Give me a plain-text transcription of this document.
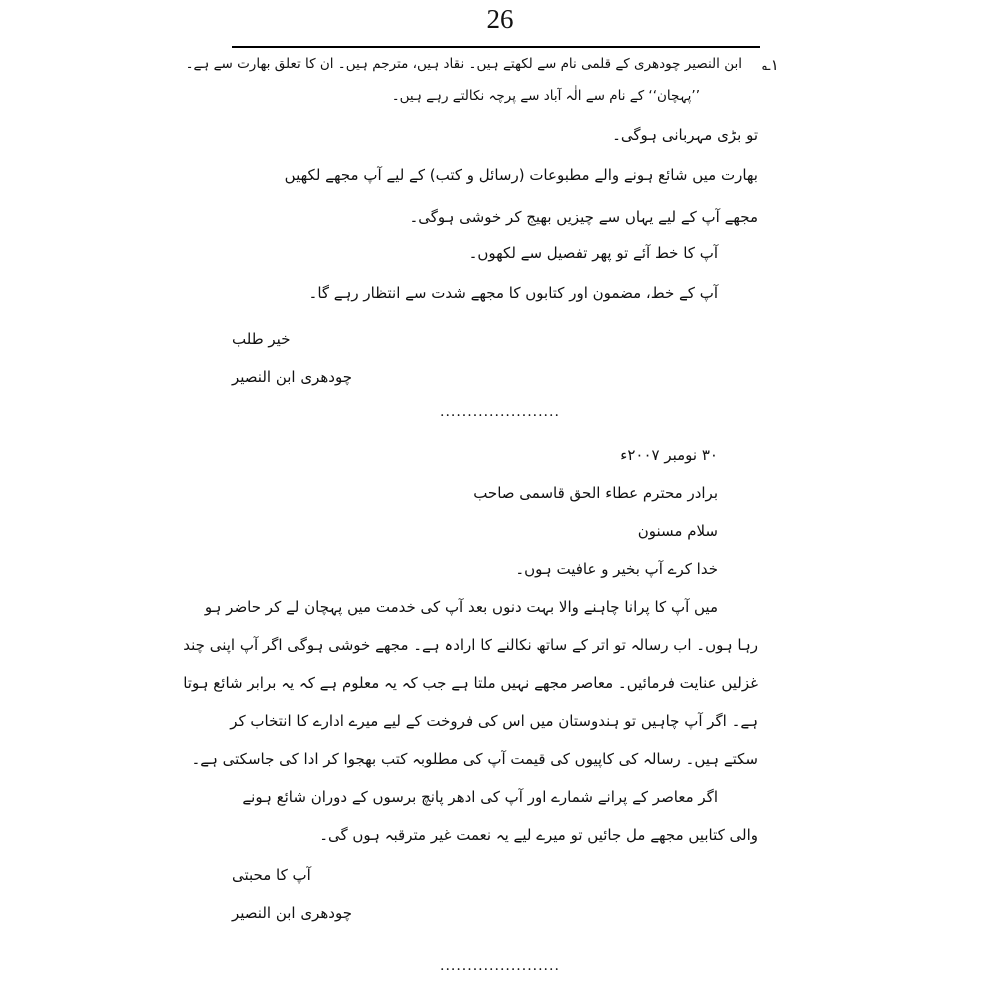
26
۱؎
ابن النصیر چودھری کے قلمی نام سے لکھتے ہیں۔ نقاد ہیں، مترجم ہیں۔ ان کا تعلق بھارت سے ہے۔
’’پہچان‘‘ کے نام سے الٰہ آباد سے پرچہ نکالتے رہے ہیں۔
تو بڑی مہربانی ہوگی۔
بھارت میں شائع ہونے والے مطبوعات (رسائل و کتب) کے لیے آپ مجھے لکھیں
مجھے آپ کے لیے یہاں سے چیزیں بھیج کر خوشی ہوگی۔
آپ کا خط آئے تو پھر تفصیل سے لکھوں۔
آپ کے خط، مضمون اور کتابوں کا مجھے شدت سے انتظار رہے گا۔
خیر طلب
چودھری ابن النصیر
......................
۳۰ نومبر ۲۰۰۷ء
برادر محترم عطاء الحق قاسمی صاحب
سلام مسنون
خدا کرے آپ بخیر و عافیت ہوں۔
میں آپ کا پرانا چاہنے والا بہت دنوں بعد آپ کی خدمت میں پہچان لے کر حاضر ہو
رہا ہوں۔ اب رسالہ تو اتر کے ساتھ نکالنے کا ارادہ ہے۔ مجھے خوشی ہوگی اگر آپ اپنی چند
غزلیں عنایت فرمائیں۔ معاصر مجھے نہیں ملتا ہے جب کہ یہ معلوم ہے کہ یہ برابر شائع ہوتا
ہے۔ اگر آپ چاہیں تو ہندوستان میں اس کی فروخت کے لیے میرے ادارے کا انتخاب کر
سکتے ہیں۔ رسالہ کی کاپیوں کی قیمت آپ کی مطلوبہ کتب بھجوا کر ادا کی جاسکتی ہے۔
اگر معاصر کے پرانے شمارے اور آپ کی ادھر پانچ برسوں کے دوران شائع ہونے
والی کتابیں مجھے مل جائیں تو میرے لیے یہ نعمت غیر مترقبہ ہوں گی۔
آپ کا محبتی
چودھری ابن النصیر
......................
